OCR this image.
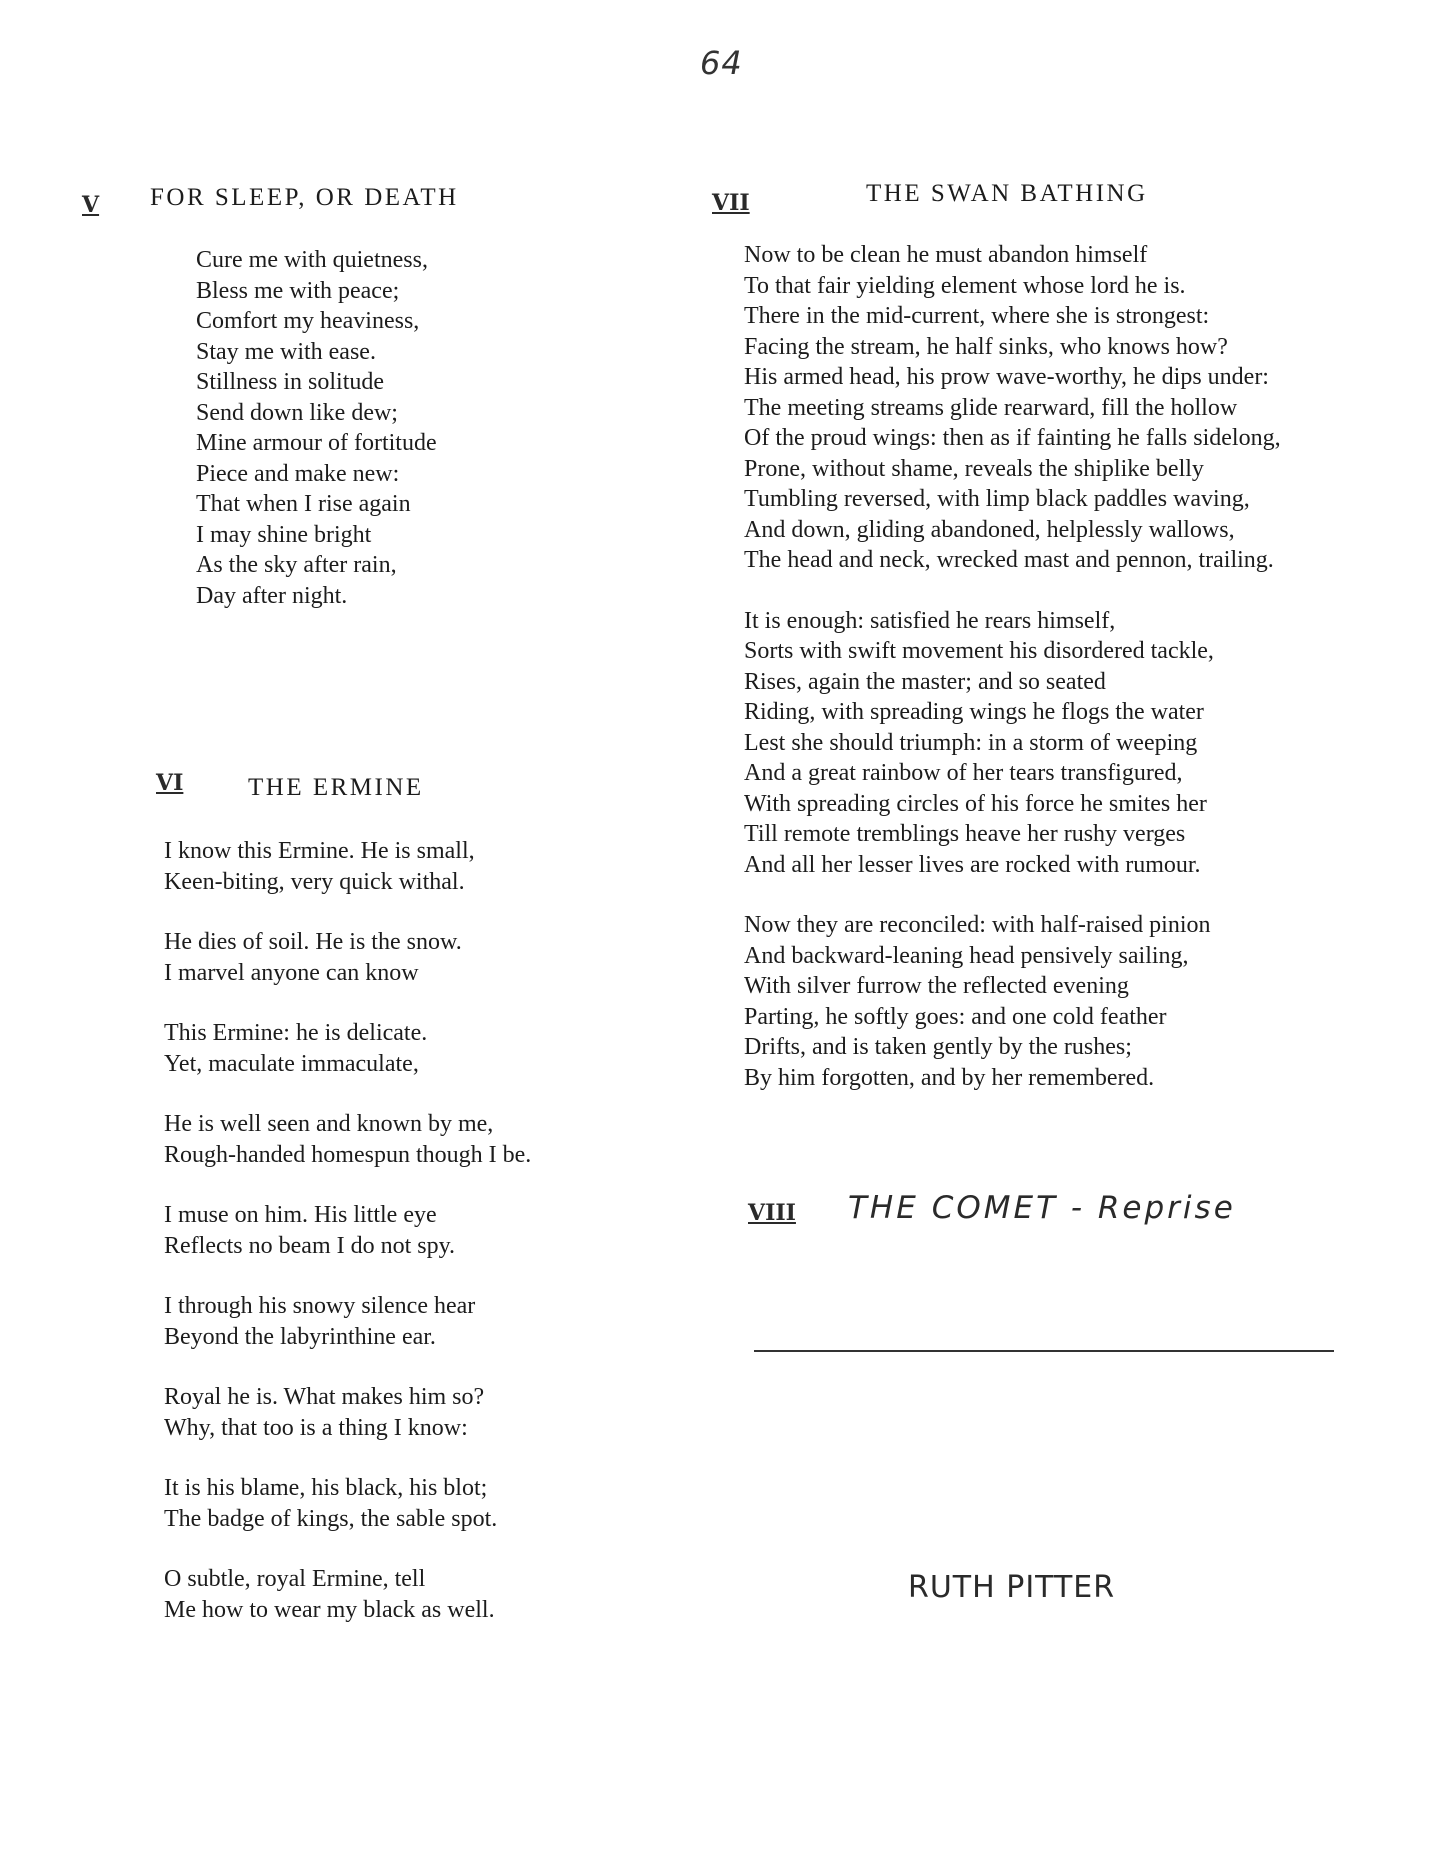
64
V FOR SLEEP, OR DEATH
Cure me with quietness,
Bless me with peace;
Comfort my heaviness,
Stay me with ease.
Stillness in solitude
Send down like dew;
Mine armour of fortitude
Piece and make new:
That when I rise again
I may shine bright
As the sky after rain,
Day after night.
VI	THE ERMINE
I know this Ermine. He is small,
Keen-biting, very quick withal.
He dies of soil. He is the snow.
I marvel anyone can know
This Ermine: he is delicate.
Yet, maculate immaculate,
He is well seen and known by me,
Rough-handed homespun though I be.
I muse on him. His little eye
Reflects no beam I do not spy.
I through his snowy silence hear
Beyond the labyrinthine ear.
Royal he is. What makes him so?
Why, that too is a thing I know:
It is his blame, his black, his blot;
The badge of kings, the sable spot.
O subtle, royal Ermine, tell
Me how to wear my black as well.
VII	THE SWAN BATHING
Now to be clean he must abandon himself
To that fair yielding element whose lord he is.
There in the mid-current, where she is strongest:
Facing the stream, he half sinks, who knows how?
His armed head, his prow wave-worthy, he dips under:
The meeting streams glide rearward, fill the hollow
Of the proud wings: then as if fainting he falls sidelong,
Prone, without shame, reveals the shiplike belly
Tumbling reversed, with limp black paddles waving,
And down, gliding abandoned, helplessly wallows,
The head and neck, wrecked mast and pennon, trailing.
It is enough: satisfied he rears himself,
Sorts with swift movement his disordered tackle,
Rises, again the master; and so seated
Riding, with spreading wings he flogs the water
Lest she should triumph: in a storm of weeping
And a great rainbow of her tears transfigured,
With spreading circles of his force he smites her
Till remote tremblings heave her rushy verges
And all her lesser lives are rocked with rumour.
Now they are reconciled: with half-raised pinion
And backward-leaning head pensively sailing,
With silver furrow the reflected evening
Parting, he softly goes: and one cold feather
Drifts, and is taken gently by the rushes;
By him forgotten, and by her remembered.
VIII THE COMET - Reprise
RUTH PITTER
